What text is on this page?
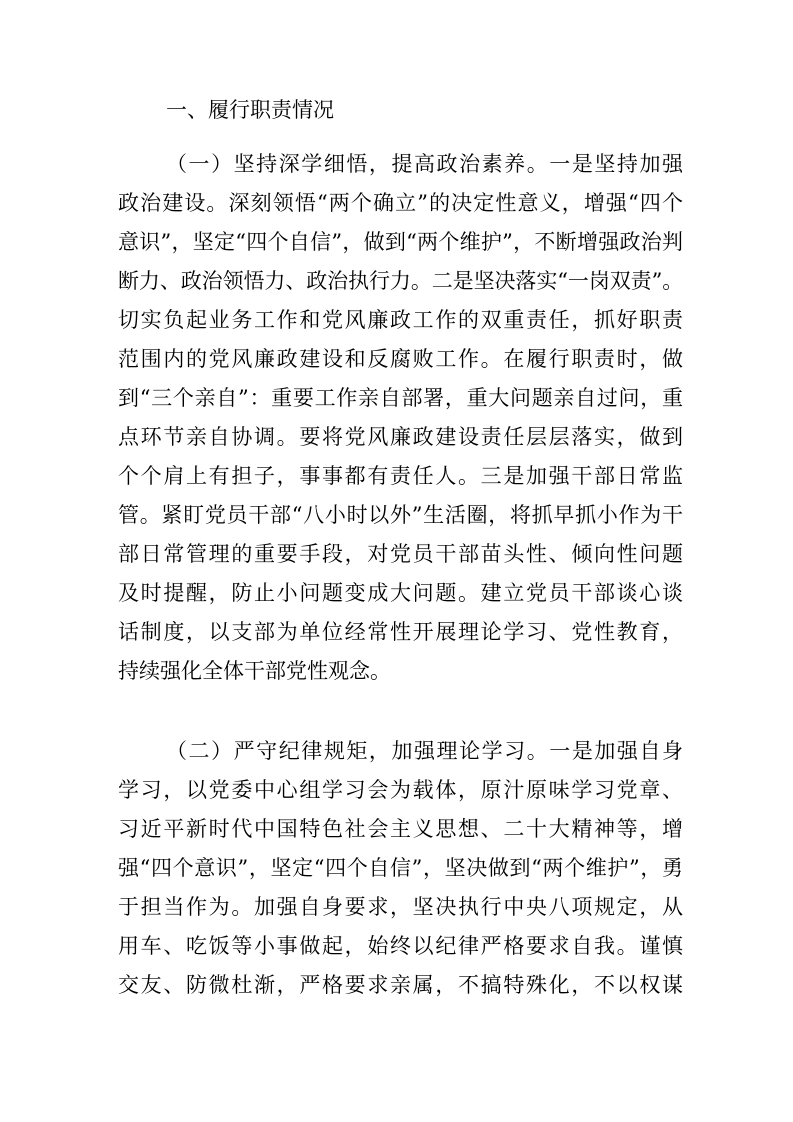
一、履行职责情况
（一）坚持深学细悟，提高政治素养。一是坚持加强
政治建设。深刻领悟“两个确立”的决定性意义，增强“四个
意识”，坚定“四个自信”，做到“两个维护”，不断增强政治判
断力、政治领悟力、政治执行力。二是坚决落实“一岗双责”。
切实负起业务工作和党风廉政工作的双重责任，抓好职责
范围内的党风廉政建设和反腐败工作。在履行职责时，做
到“三个亲自”：重要工作亲自部署，重大问题亲自过问，重
点环节亲自协调。要将党风廉政建设责任层层落实，做到
个个肩上有担子，事事都有责任人。三是加强干部日常监
管。紧盯党员干部“八小时以外”生活圈，将抓早抓小作为干
部日常管理的重要手段，对党员干部苗头性、倾向性问题
及时提醒，防止小问题变成大问题。建立党员干部谈心谈
话制度，以支部为单位经常性开展理论学习、党性教育，
持续强化全体干部党性观念。
（二）严守纪律规矩，加强理论学习。一是加强自身
学习，以党委中心组学习会为载体，原汁原味学习党章、
习近平新时代中国特色社会主义思想、二十大精神等，增
强“四个意识”，坚定“四个自信”，坚决做到“两个维护”，勇
于担当作为。加强自身要求，坚决执行中央八项规定，从
用车、吃饭等小事做起，始终以纪律严格要求自我。谨慎
交友、防微杜渐，严格要求亲属，不搞特殊化，不以权谋
